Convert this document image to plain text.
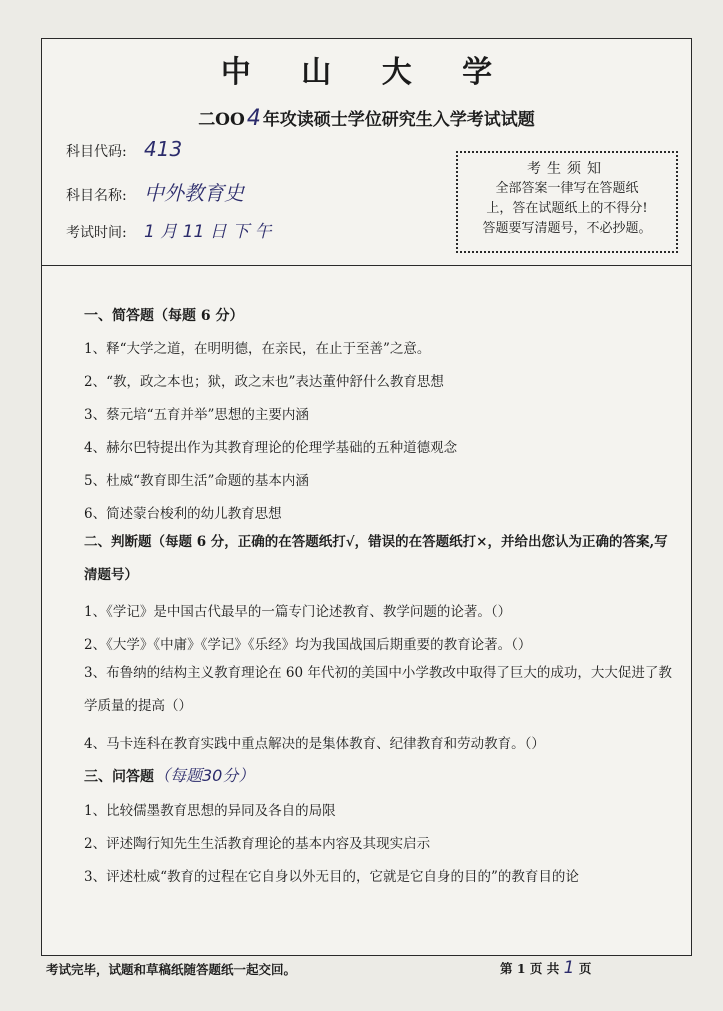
中 山 大 学
二OO4 年攻读硕士学位研究生入学考试试题
科目代码: 413
科目名称: 中外教育史
考试时间: 1 月 11 日 下 午
考生须知
全部答案一律写在答题纸
上，答在试题纸上的不得分!
答题要写清题号，不必抄题。
一、简答题（每题 6 分）
1、释“大学之道，在明明德，在亲民，在止于至善”之意。
2、“教，政之本也；狱，政之末也”表达董仲舒什么教育思想
3、蔡元培“五育并举”思想的主要内涵
4、赫尔巴特提出作为其教育理论的伦理学基础的五种道德观念
5、杜威“教育即生活”命题的基本内涵
6、简述蒙台梭利的幼儿教育思想
二、判断题（每题 6 分，正确的在答题纸打√，错误的在答题纸打×，并给出您认为正确的答案,写清题号）
1、《学记》是中国古代最早的一篇专门论述教育、教学问题的论著。（）
2、《大学》《中庸》《学记》《乐经》均为我国战国后期重要的教育论著。（）
3、布鲁纳的结构主义教育理论在 60 年代初的美国中小学教改中取得了巨大的成功，大大促进了教学质量的提高（）
4、马卡连科在教育实践中重点解决的是集体教育、纪律教育和劳动教育。（）
三、问答题（每题30分）
1、比较儒墨教育思想的异同及各自的局限
2、评述陶行知先生生活教育理论的基本内容及其现实启示
3、评述杜威“教育的过程在它自身以外无目的，它就是它自身的目的”的教育目的论
考试完毕，试题和草稿纸随答题纸一起交回。	第 1 页 共 1 页
